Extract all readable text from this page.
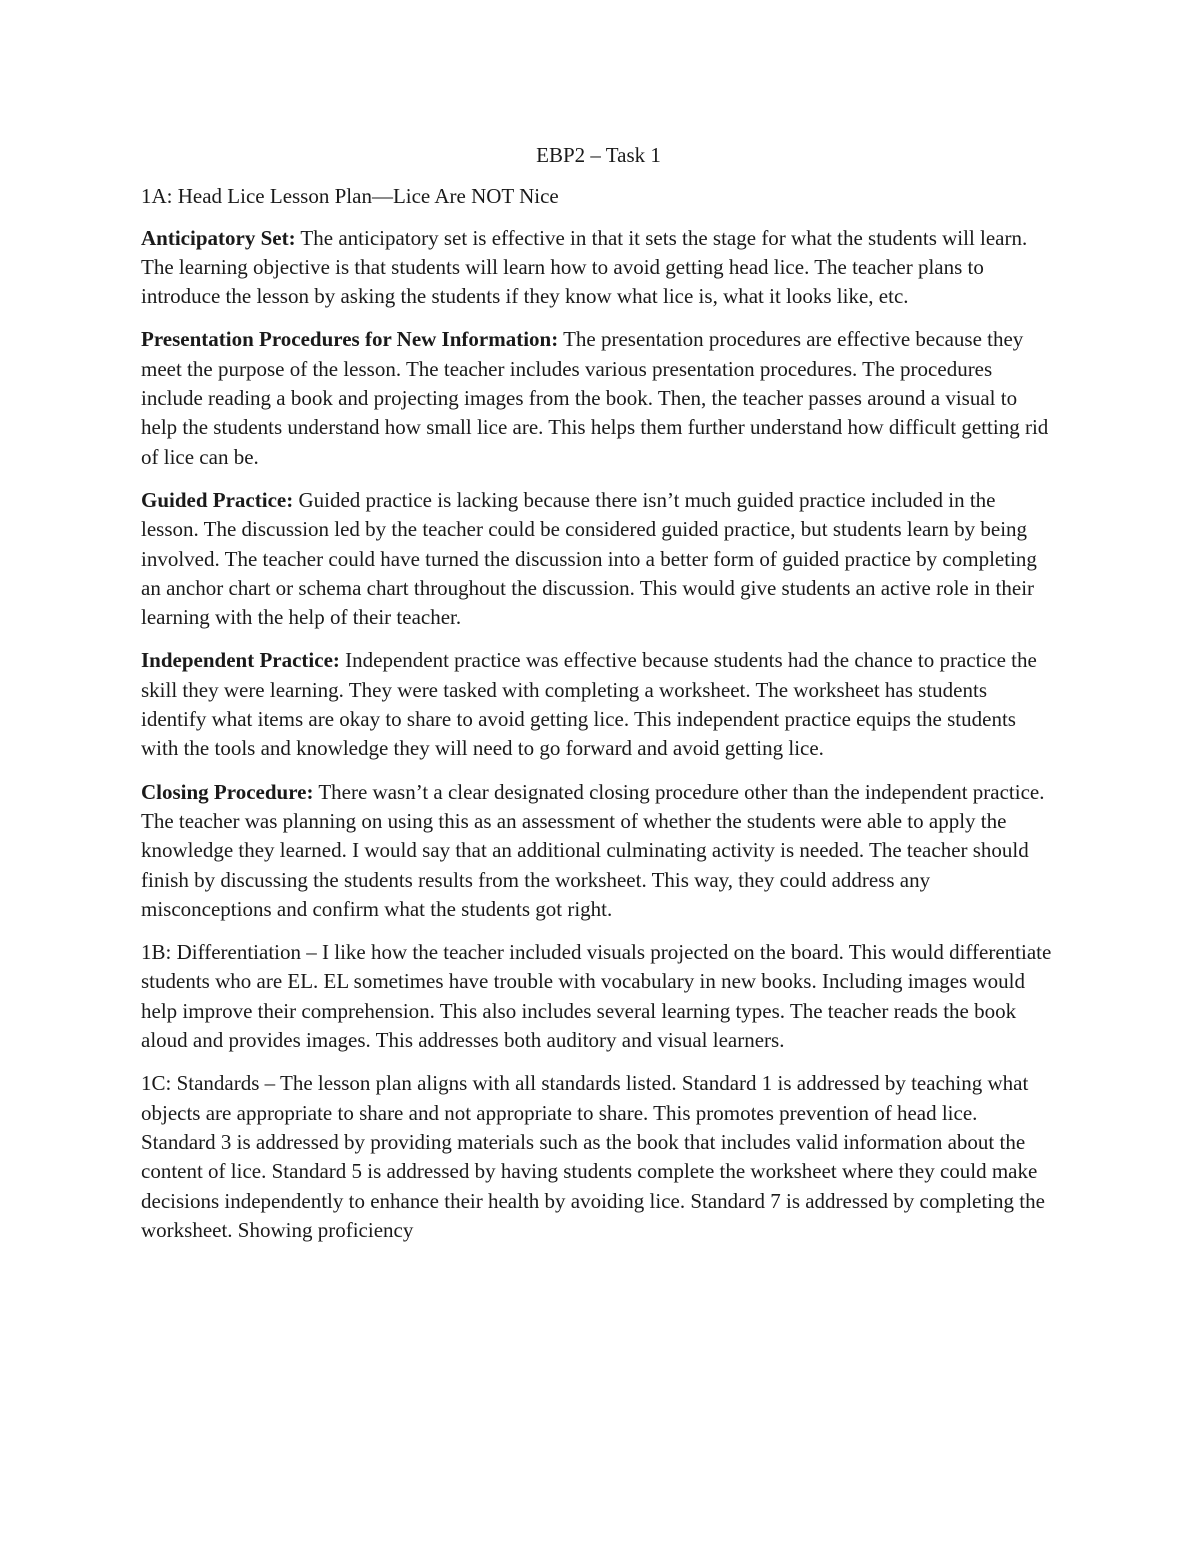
EBP2 – Task 1

1A: Head Lice Lesson Plan—Lice Are NOT Nice

Anticipatory Set: The anticipatory set is effective in that it sets the stage for what the students will learn. The learning objective is that students will learn how to avoid getting head lice. The teacher plans to introduce the lesson by asking the students if they know what lice is, what it looks like, etc.

Presentation Procedures for New Information: The presentation procedures are effective because they meet the purpose of the lesson. The teacher includes various presentation procedures. The procedures include reading a book and projecting images from the book. Then, the teacher passes around a visual to help the students understand how small lice are. This helps them further understand how difficult getting rid of lice can be.

Guided Practice: Guided practice is lacking because there isn’t much guided practice included in the lesson. The discussion led by the teacher could be considered guided practice, but students learn by being involved. The teacher could have turned the discussion into a better form of guided practice by completing an anchor chart or schema chart throughout the discussion. This would give students an active role in their learning with the help of their teacher.

Independent Practice: Independent practice was effective because students had the chance to practice the skill they were learning. They were tasked with completing a worksheet. The worksheet has students identify what items are okay to share to avoid getting lice. This independent practice equips the students with the tools and knowledge they will need to go forward and avoid getting lice.

Closing Procedure: There wasn’t a clear designated closing procedure other than the independent practice. The teacher was planning on using this as an assessment of whether the students were able to apply the knowledge they learned. I would say that an additional culminating activity is needed. The teacher should finish by discussing the students results from the worksheet. This way, they could address any misconceptions and confirm what the students got right.

1B: Differentiation – I like how the teacher included visuals projected on the board. This would differentiate students who are EL. EL sometimes have trouble with vocabulary in new books. Including images would help improve their comprehension. This also includes several learning types. The teacher reads the book aloud and provides images. This addresses both auditory and visual learners.

1C: Standards – The lesson plan aligns with all standards listed. Standard 1 is addressed by teaching what objects are appropriate to share and not appropriate to share. This promotes prevention of head lice. Standard 3 is addressed by providing materials such as the book that includes valid information about the content of lice. Standard 5 is addressed by having students complete the worksheet where they could make decisions independently to enhance their health by avoiding lice. Standard 7 is addressed by completing the worksheet. Showing proficiency
